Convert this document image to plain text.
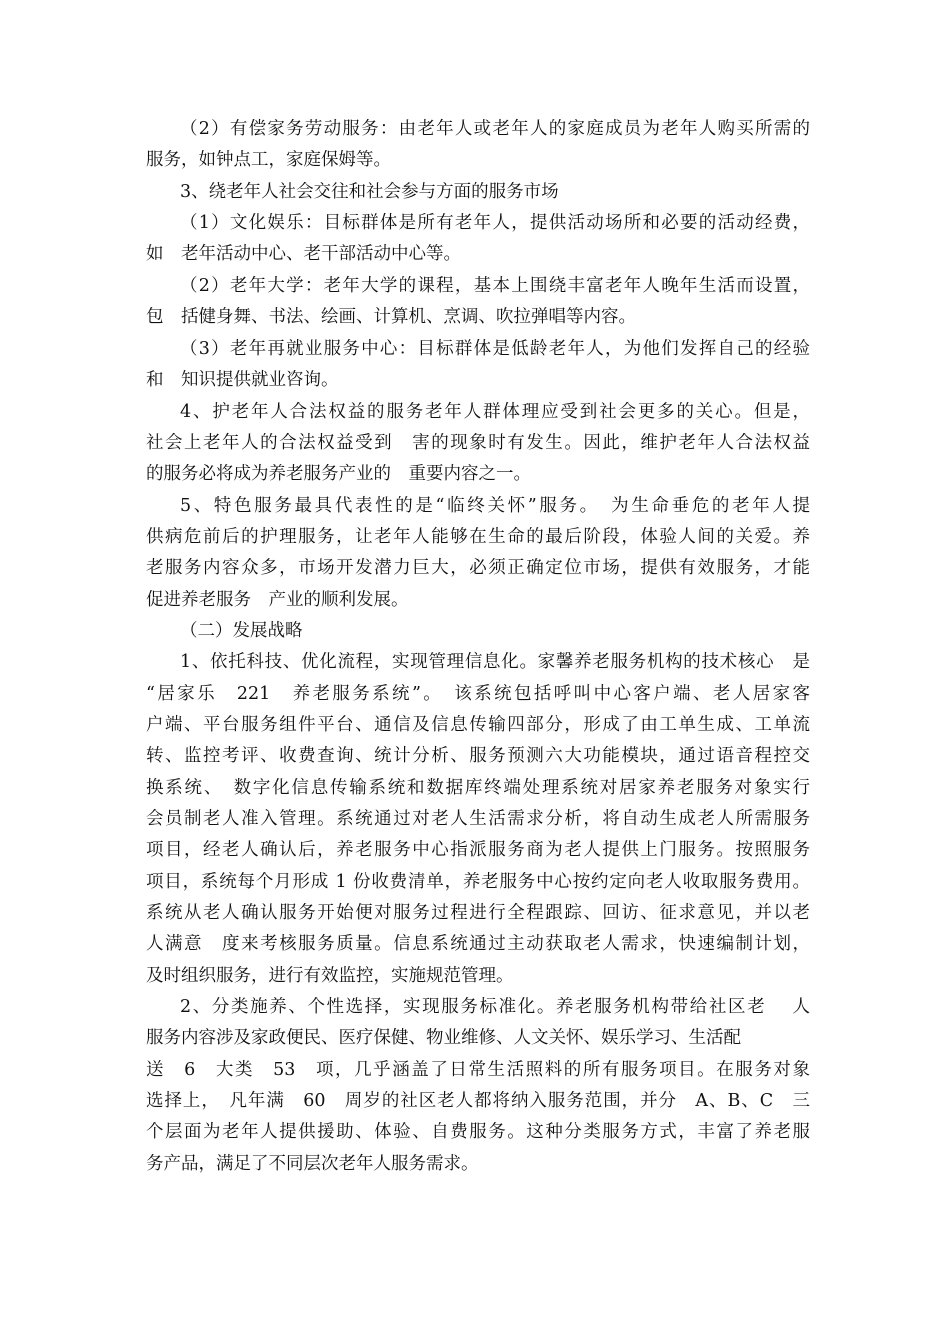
（2）有偿家务劳动服务：由老年人或老年人的家庭成员为老年人购买所需的
服务，如钟点工，家庭保姆等。
3、绕老年人社会交往和社会参与方面的服务市场
（1）文化娱乐：目标群体是所有老年人，提供活动场所和必要的活动经费，
如　老年活动中心、老干部活动中心等。
（2）老年大学：老年大学的课程，基本上围绕丰富老年人晚年生活而设置，
包　括健身舞、书法、绘画、计算机、烹调、吹拉弹唱等内容。
（3）老年再就业服务中心：目标群体是低龄老年人，为他们发挥自己的经验
和　知识提供就业咨询。
4、护老年人合法权益的服务老年人群体理应受到社会更多的关心。但是，
社会上老年人的合法权益受到　害的现象时有发生。因此，维护老年人合法权益
的服务必将成为养老服务产业的　重要内容之一。
5、特色服务最具代表性的是“临终关怀”服务。　为生命垂危的老年人提
供病危前后的护理服务，让老年人能够在生命的最后阶段，体验人间的关爱。养
老服务内容众多，市场开发潜力巨大，必须正确定位市场，提供有效服务，才能
促进养老服务　产业的顺利发展。
（二）发展战略
1、依托科技、优化流程，实现管理信息化。家馨养老服务机构的技术核心　是
“居家乐　221　养老服务系统”。　该系统包括呼叫中心客户端、老人居家客
户端、平台服务组件平台、通信及信息传输四部分，形成了由工单生成、工单流
转、监控考评、收费查询、统计分析、服务预测六大功能模块，通过语音程控交
换系统、　数字化信息传输系统和数据库终端处理系统对居家养老服务对象实行
会员制老人准入管理。系统通过对老人生活需求分析，将自动生成老人所需服务
项目，经老人确认后，养老服务中心指派服务商为老人提供上门服务。按照服务
项目，系统每个月形成 1 份收费清单，养老服务中心按约定向老人收取服务费用。
系统从老人确认服务开始便对服务过程进行全程跟踪、回访、征求意见，并以老
人满意　度来考核服务质量。信息系统通过主动获取老人需求，快速编制计划，
及时组织服务，进行有效监控，实施规范管理。
2、分类施养、个性选择，实现服务标准化。养老服务机构带给社区老　 人
服务内容涉及家政便民、医疗保健、物业维修、人文关怀、娱乐学习、生活配
送　6　大类　53　项，几乎涵盖了日常生活照料的所有服务项目。在服务对象
选择上，　凡年满　60　周岁的社区老人都将纳入服务范围，并分　A、B、C　三
个层面为老年人提供援助、体验、自费服务。这种分类服务方式，丰富了养老服
务产品，满足了不同层次老年人服务需求。
